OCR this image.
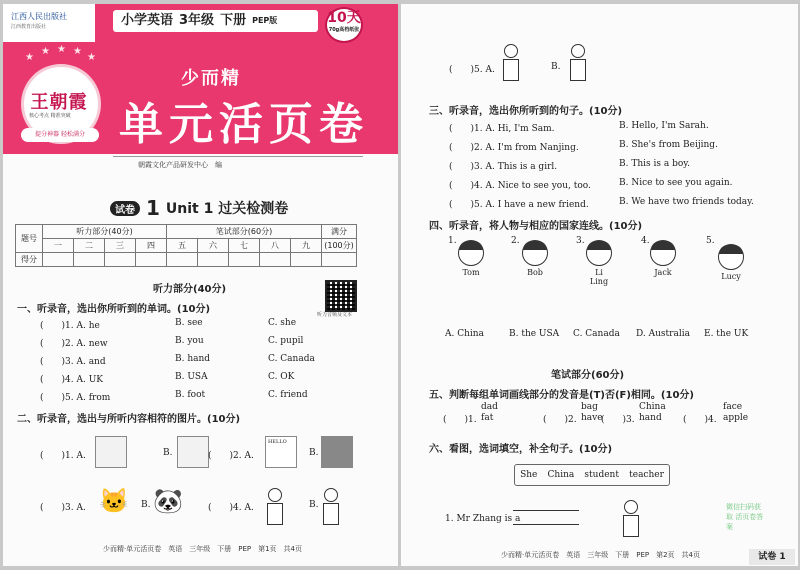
江西人民出版社
江西教育出版社	小学英语 3年级 下册 PEP版	10天
70g高档纸张
少而精
单元活页卷
★
★ ★ ★
★
王朝霞
核心考点 精准突破
提分神器 轻松满分
朝霞文化产品研发中心　编
试卷 1 Unit 1 过关检测卷
题号	听力部分(40分)				笔试部分(60分)					满分
	一	二	三	四	五	六	七	八	九	(100分)
得分										
听力部分(40分)
听力音频及文本
一、听录音，选出你所听到的单词。(10分)
(　　)1. A. he	B. see	C. she
(　　)2. A. new	B. you	C. pupil
(　　)3. A. and	B. hand	C. Canada
(　　)4. A. UK	B. USA	C. OK
(　　)5. A. from	B. foot	C. friend
二、听录音，选出与所听内容相符的图片。(10分)
(　　)1. A.	B.	(　　)2. A.
HELLO
B.
(　　)3. A. 🐱 B. 🐼	(　　)4. A.	B.
少而精·单元活页卷　英语　三年级　下册　PEP　第1页　共4页
(　　)5. A.	B.
三、听录音，选出你所听到的句子。(10分)
(　　)1. A. Hi, I'm Sam.	B. Hello, I'm Sarah.
(　　)2. A. I'm from Nanjing.	B. She's from Beijing.
(　　)3. A. This is a girl.	B. This is a boy.
(　　)4. A. Nice to see you, too.	B. Nice to see you again.
(　　)5. A. I have a new friend.	B. We have two friends today.
四、听录音，将人物与相应的国家连线。(10分)
1.
Tom
2.
Bob
3.
Li Ling
4.
Jack
5.
Lucy
A. China	B. the USA C. Canada D. Australia E. the UK
笔试部分(60分)
五、判断每组单词画线部分的发音是(T)否(F)相同。(10分)
(　　)1.
dad
fat	(　　)2.
bag
have
(　　)3.
China
hand	(　　)4.
face
apple
六、看图，选词填空，补全句子。(10分)
She China student teacher
1. Mr Zhang is a
微信扫码获取 活页卷答案
少而精·单元活页卷　英语　三年级　下册　PEP　第2页　共4页	试卷 1
